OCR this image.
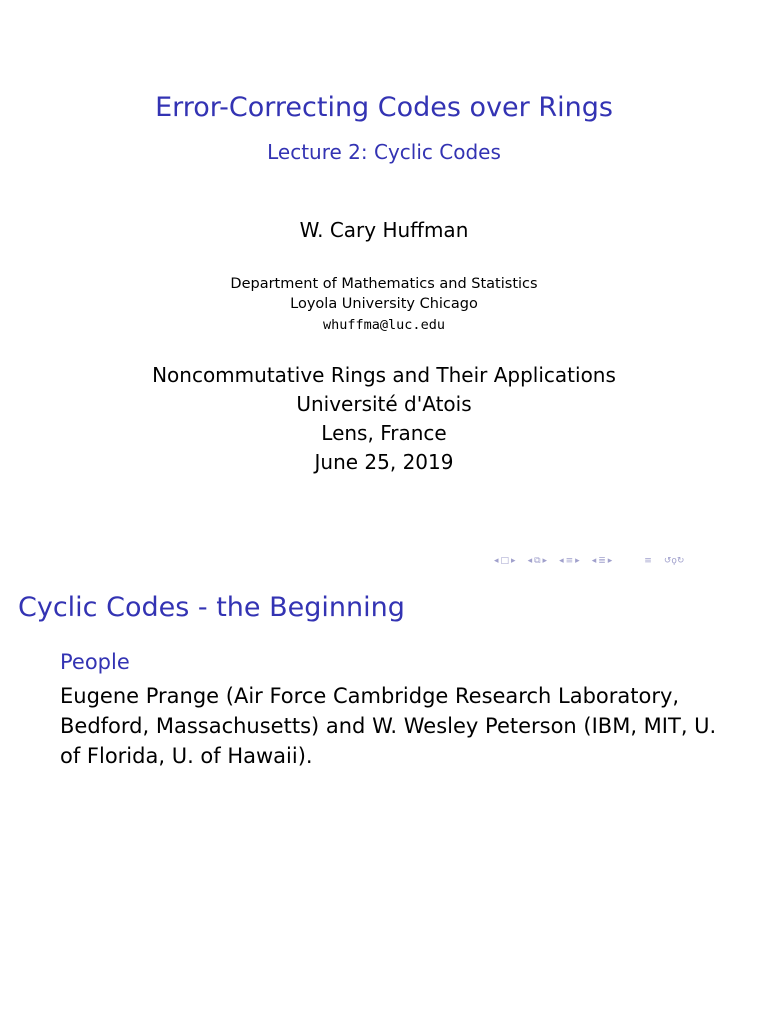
Error-Correcting Codes over Rings
Lecture 2: Cyclic Codes
W. Cary Huffman
Department of Mathematics and Statistics
Loyola University Chicago
whuffma@luc.edu
Noncommutative Rings and Their Applications
Université d'Atois
Lens, France
June 25, 2019
◂ □ ▸ ◂ ⧉ ▸ ◂ ≡ ▸ ◂ ≣ ▸	≡ ↺ϙ↻
Cyclic Codes - the Beginning
People
Eugene Prange (Air Force Cambridge Research Laboratory, Bedford, Massachusetts) and W. Wesley Peterson (IBM, MIT, U. of Florida, U. of Hawaii).
